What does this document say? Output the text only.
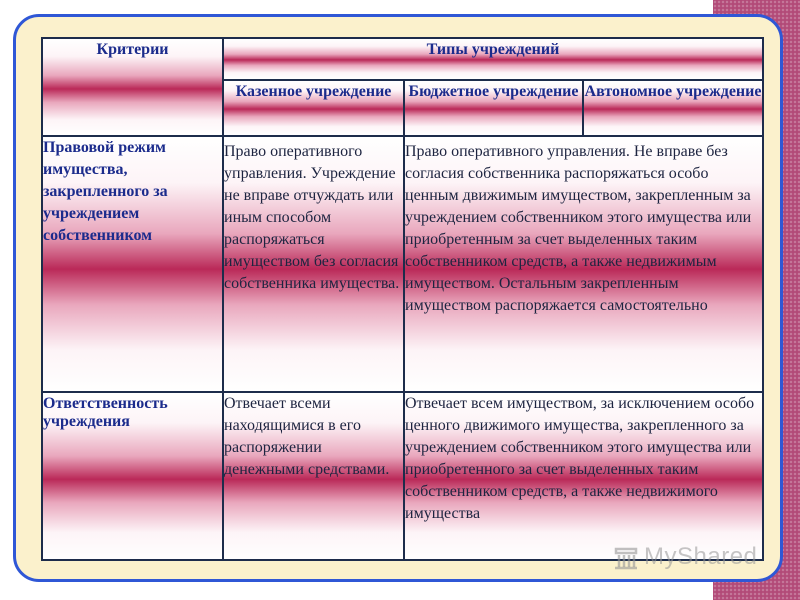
Критерии	Типы учреждений		
	Казенное учреждение	Бюджетное учреждение	Автономное учреждение
Правовой режим имущества, закрепленного за учреждением собственником	Право оперативного управления. Учреждение не вправе отчуждать или иным способом распоряжаться имуществом без согласия собственника имущества.	Право оперативного управления. Не вправе без согласия собственника распоряжаться особо ценным движимым имуществом, закрепленным за учреждением собственником этого имущества или приобретенным за счет выделенных таким собственником средств, а также недвижимым имуществом. Остальным закрепленным имуществом распоряжается самостоятельно	
Ответственность учреждения	Отвечает всеми находящимися в его распоряжении денежными средствами.	Отвечает всем имуществом, за исключением особо ценного движимого имущества, закрепленного за учреждением собственником этого имущества или приобретенного за счет выделенных таким собственником средств, а также недвижимого имущества	
MyShared
